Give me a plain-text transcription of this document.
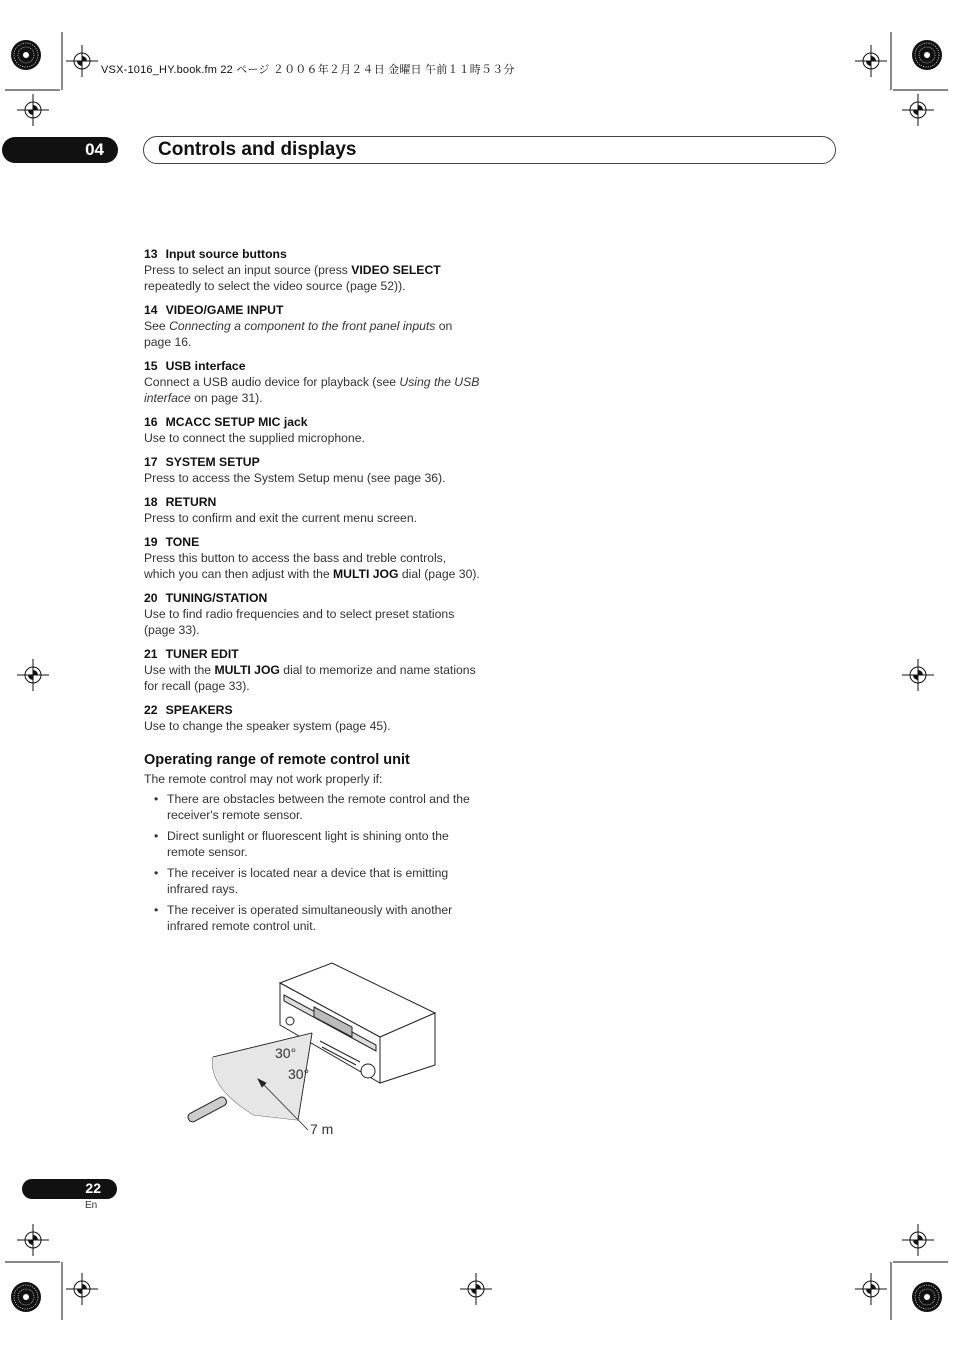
VSX-1016_HY.book.fm 22 ページ ２００６年２月２４日 金曜日 午前１１時５３分
04	Controls and displays
13 Input source buttons
Press to select an input source (press VIDEO SELECT repeatedly to select the video source (page 52)).
14 VIDEO/GAME INPUT
See Connecting a component to the front panel inputs on page 16.
15 USB interface
Connect a USB audio device for playback (see Using the USB interface on page 31).
16 MCACC SETUP MIC jack
Use to connect the supplied microphone.
17 SYSTEM SETUP
Press to access the System Setup menu (see page 36).
18 RETURN
Press to confirm and exit the current menu screen.
19 TONE
Press this button to access the bass and treble controls, which you can then adjust with the MULTI JOG dial (page 30).
20 TUNING/STATION
Use to find radio frequencies and to select preset stations (page 33).
21 TUNER EDIT
Use with the MULTI JOG dial to memorize and name stations for recall (page 33).
22 SPEAKERS
Use to change the speaker system (page 45).
Operating range of remote control unit
The remote control may not work properly if:
• There are obstacles between the remote control and the receiver's remote sensor.
• Direct sunlight or fluorescent light is shining onto the remote sensor.
• The receiver is located near a device that is emitting infrared rays.
• The receiver is operated simultaneously with another infrared remote control unit.
30°
30°
7 m
22
En
